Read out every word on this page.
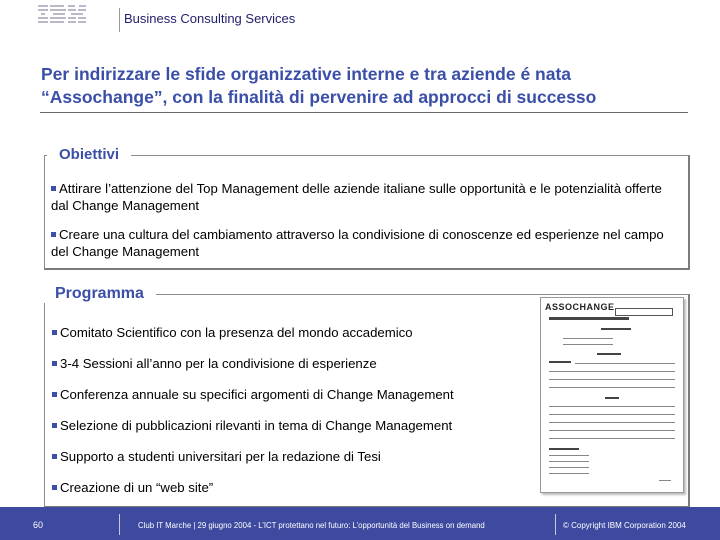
Business Consulting Services
Per indirizzare le sfide organizzative interne e tra aziende é nata “Assochange”, con la finalità di pervenire ad approcci di successo
Obiettivi
Attirare l’attenzione del Top Management delle aziende italiane sulle opportunità e le potenzialità offerte dal Change Management
Creare una cultura del cambiamento attraverso la condivisione di conoscenze ed esperienze nel campo del Change Management
Programma
Comitato Scientifico con la presenza del mondo accademico
3-4 Sessioni all’anno per la condivisione di esperienze
Conferenza annuale su specifici argomenti di Change Management
Selezione di pubblicazioni rilevanti in tema di Change Management
Supporto a studenti universitari per la redazione di Tesi
Creazione di un “web site”
ASSOCHANGE
60	Club IT Marche | 29 giugno 2004 - L’ICT protettano nel futuro: L’opportunità del Business on demand	© Copyright IBM Corporation 2004
